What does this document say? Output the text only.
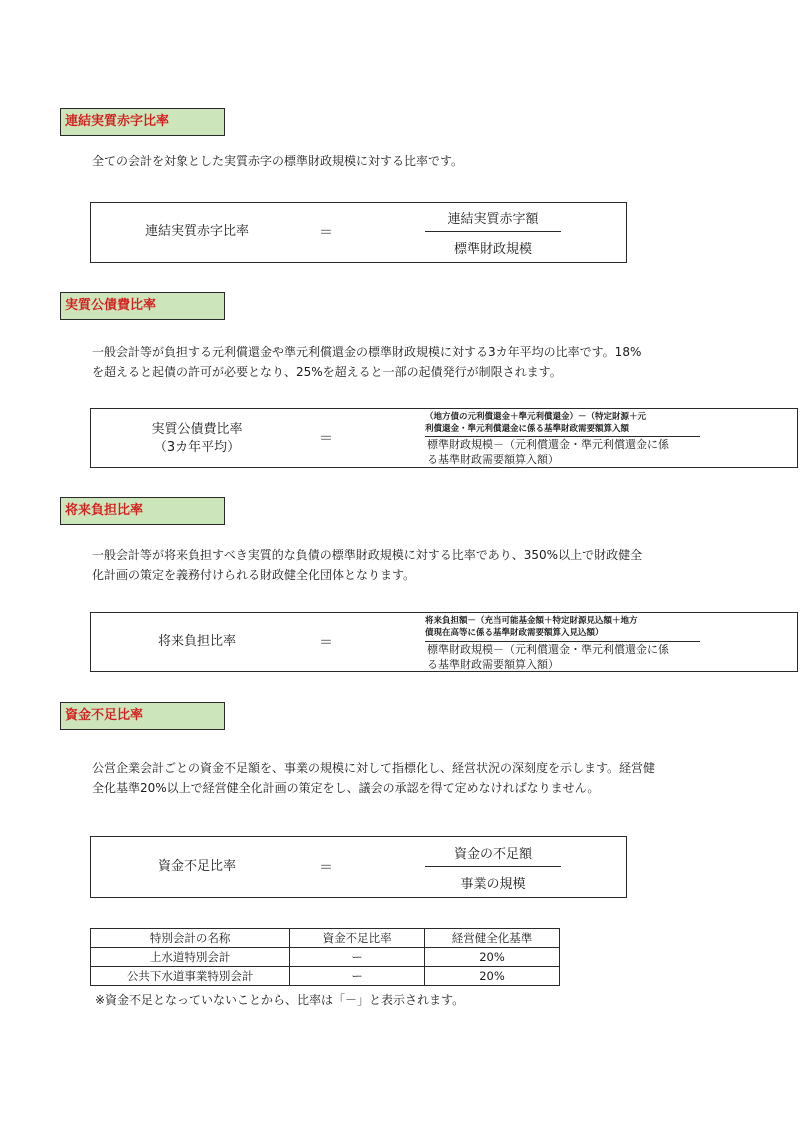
連結実質赤字比率
全ての会計を対象とした実質赤字の標準財政規模に対する比率です。
連結実質赤字比率	＝
連結実質赤字額
標準財政規模
実質公債費比率
一般会計等が負担する元利償還金や準元利償還金の標準財政規模に対する3カ年平均の比率です。18%
を超えると起債の許可が必要となり、25%を超えると一部の起債発行が制限されます。
実質公債費比率
（3カ年平均）
＝
（地方債の元利償還金＋準元利償還金）－（特定財源＋元
利償還金・準元利償還金に係る基準財政需要額算入額
標準財政規模－（元利償還金・準元利償還金に係
る基準財政需要額算入額）
将来負担比率
一般会計等が将来負担すべき実質的な負債の標準財政規模に対する比率であり、350%以上で財政健全
化計画の策定を義務付けられる財政健全化団体となります。
将来負担比率	＝
将来負担額－（充当可能基金額＋特定財源見込額＋地方
債現在高等に係る基準財政需要額算入見込額）
標準財政規模－（元利償還金・準元利償還金に係
る基準財政需要額算入額）
資金不足比率
公営企業会計ごとの資金不足額を、事業の規模に対して指標化し、経営状況の深刻度を示します。経営健
全化基準20%以上で経営健全化計画の策定をし、議会の承認を得て定めなければなりません。
資金不足比率	＝
資金の不足額
事業の規模
特別会計の名称	資金不足比率	経営健全化基準
上水道特別会計	ー	20%
公共下水道事業特別会計	ー	20%
※資金不足となっていないことから、比率は「－」と表示されます。
